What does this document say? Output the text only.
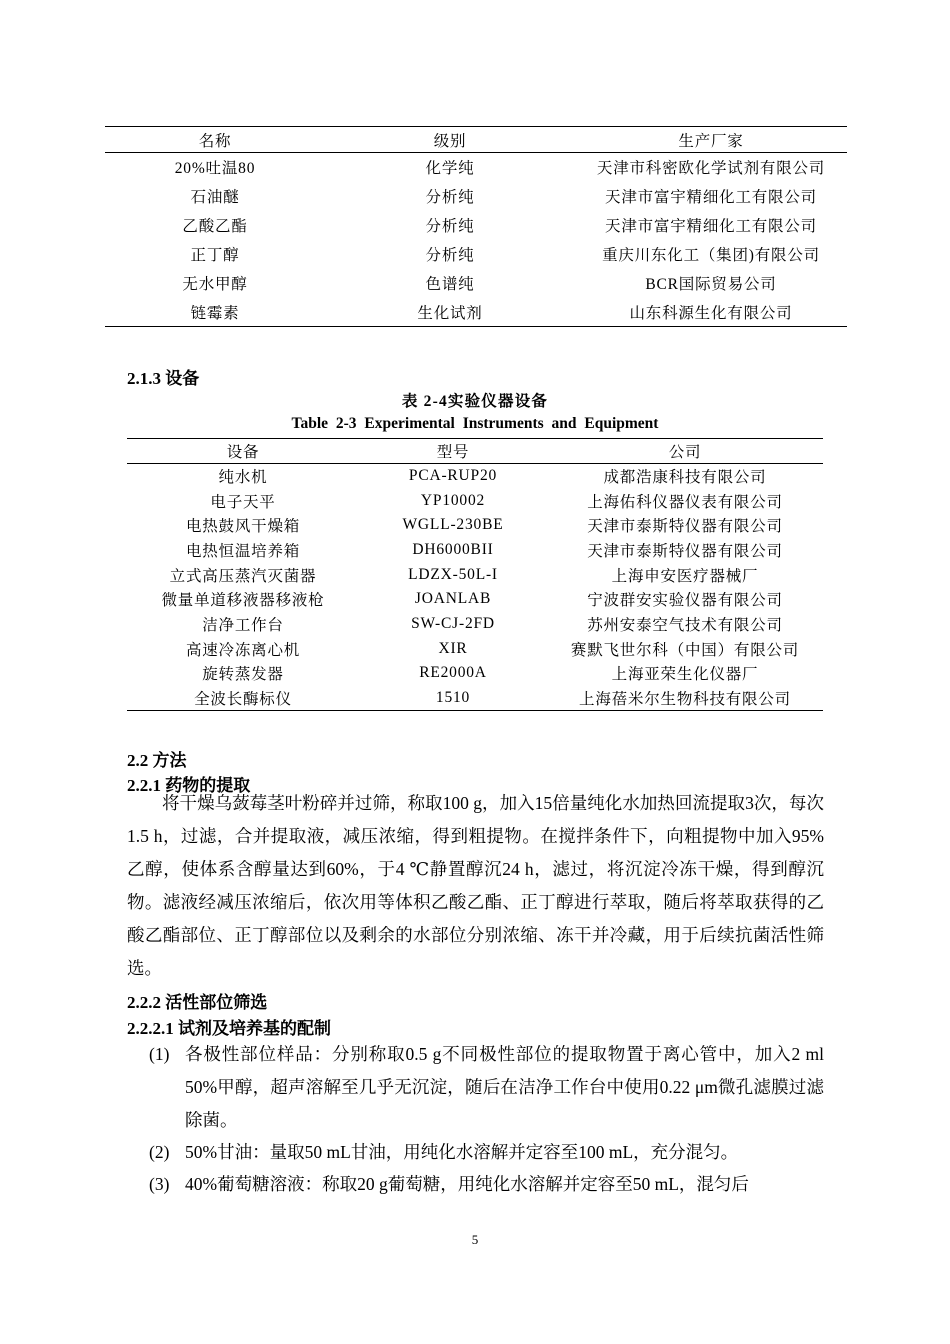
名称	级别	生产厂家
20%吐温80	化学纯	天津市科密欧化学试剂有限公司
石油醚	分析纯	天津市富宇精细化工有限公司
乙酸乙酯	分析纯	天津市富宇精细化工有限公司
正丁醇	分析纯	重庆川东化工（集团)有限公司
无水甲醇	色谱纯	BCR国际贸易公司
链霉素	生化试剂	山东科源生化有限公司
2.1.3 设备
表 2-4实验仪器设备
Table 2-3 Experimental Instruments and Equipment
设备	型号	公司
纯水机	PCA-RUP20	成都浩康科技有限公司
电子天平	YP10002	上海佑科仪器仪表有限公司
电热鼓风干燥箱	WGLL-230BE	天津市泰斯特仪器有限公司
电热恒温培养箱	DH6000BII	天津市泰斯特仪器有限公司
立式高压蒸汽灭菌器	LDZX-50L-I	上海申安医疗器械厂
微量单道移液器移液枪	JOANLAB	宁波群安实验仪器有限公司
洁净工作台	SW-CJ-2FD	苏州安泰空气技术有限公司
高速冷冻离心机	XIR	赛默飞世尔科（中国）有限公司
旋转蒸发器	RE2000A	上海亚荣生化仪器厂
全波长酶标仪	1510	上海蓓米尔生物科技有限公司
2.2 方法
2.2.1 药物的提取

将干燥乌蔹莓茎叶粉碎并过筛，称取100 g，加入15倍量纯化水加热回流提取3次，每次1.5 h，过滤，合并提取液，减压浓缩，得到粗提物。在搅拌条件下，向粗提物中加入95%乙醇，使体系含醇量达到60%，于4 ℃静置醇沉24 h，滤过，将沉淀冷冻干燥，得到醇沉物。滤液经减压浓缩后，依次用等体积乙酸乙酯、正丁醇进行萃取，随后将萃取获得的乙酸乙酯部位、正丁醇部位以及剩余的水部位分别浓缩、冻干并冷藏，用于后续抗菌活性筛选。

2.2.2 活性部位筛选
2.2.2.1 试剂及培养基的配制
(1) 各极性部位样品：分别称取0.5 g不同极性部位的提取物置于离心管中，加入2 ml 50%甲醇，超声溶解至几乎无沉淀，随后在洁净工作台中使用0.22 μm微孔滤膜过滤除菌。
(2) 50%甘油：量取50 mL甘油，用纯化水溶解并定容至100 mL，充分混匀。
(3) 40%葡萄糖溶液：称取20 g葡萄糖，用纯化水溶解并定容至50 mL，混匀后
5
